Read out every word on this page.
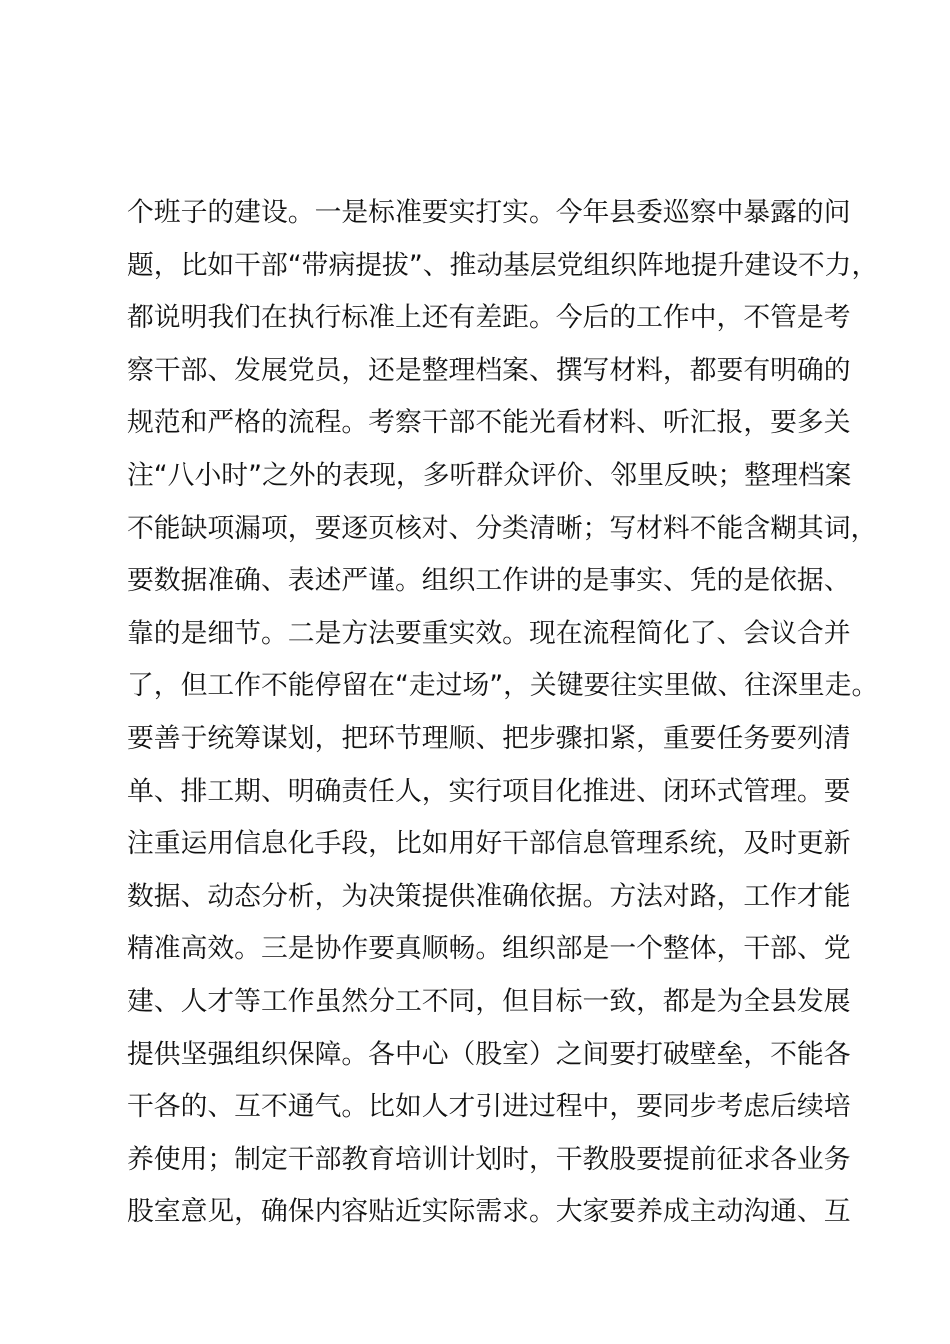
个班子的建设。一是标准要实打实。今年县委巡察中暴露的问
题，比如干部“带病提拔”、推动基层党组织阵地提升建设不力，
都说明我们在执行标准上还有差距。今后的工作中，不管是考
察干部、发展党员，还是整理档案、撰写材料，都要有明确的
规范和严格的流程。考察干部不能光看材料、听汇报，要多关
注“八小时”之外的表现，多听群众评价、邻里反映；整理档案
不能缺项漏项，要逐页核对、分类清晰；写材料不能含糊其词，
要数据准确、表述严谨。组织工作讲的是事实、凭的是依据、
靠的是细节。二是方法要重实效。现在流程简化了、会议合并
了，但工作不能停留在“走过场”，关键要往实里做、往深里走。
要善于统筹谋划，把环节理顺、把步骤扣紧，重要任务要列清
单、排工期、明确责任人，实行项目化推进、闭环式管理。要
注重运用信息化手段，比如用好干部信息管理系统，及时更新
数据、动态分析，为决策提供准确依据。方法对路，工作才能
精准高效。三是协作要真顺畅。组织部是一个整体，干部、党
建、人才等工作虽然分工不同，但目标一致，都是为全县发展
提供坚强组织保障。各中心（股室）之间要打破壁垒，不能各
干各的、互不通气。比如人才引进过程中，要同步考虑后续培
养使用；制定干部教育培训计划时，干教股要提前征求各业务
股室意见，确保内容贴近实际需求。大家要养成主动沟通、互
